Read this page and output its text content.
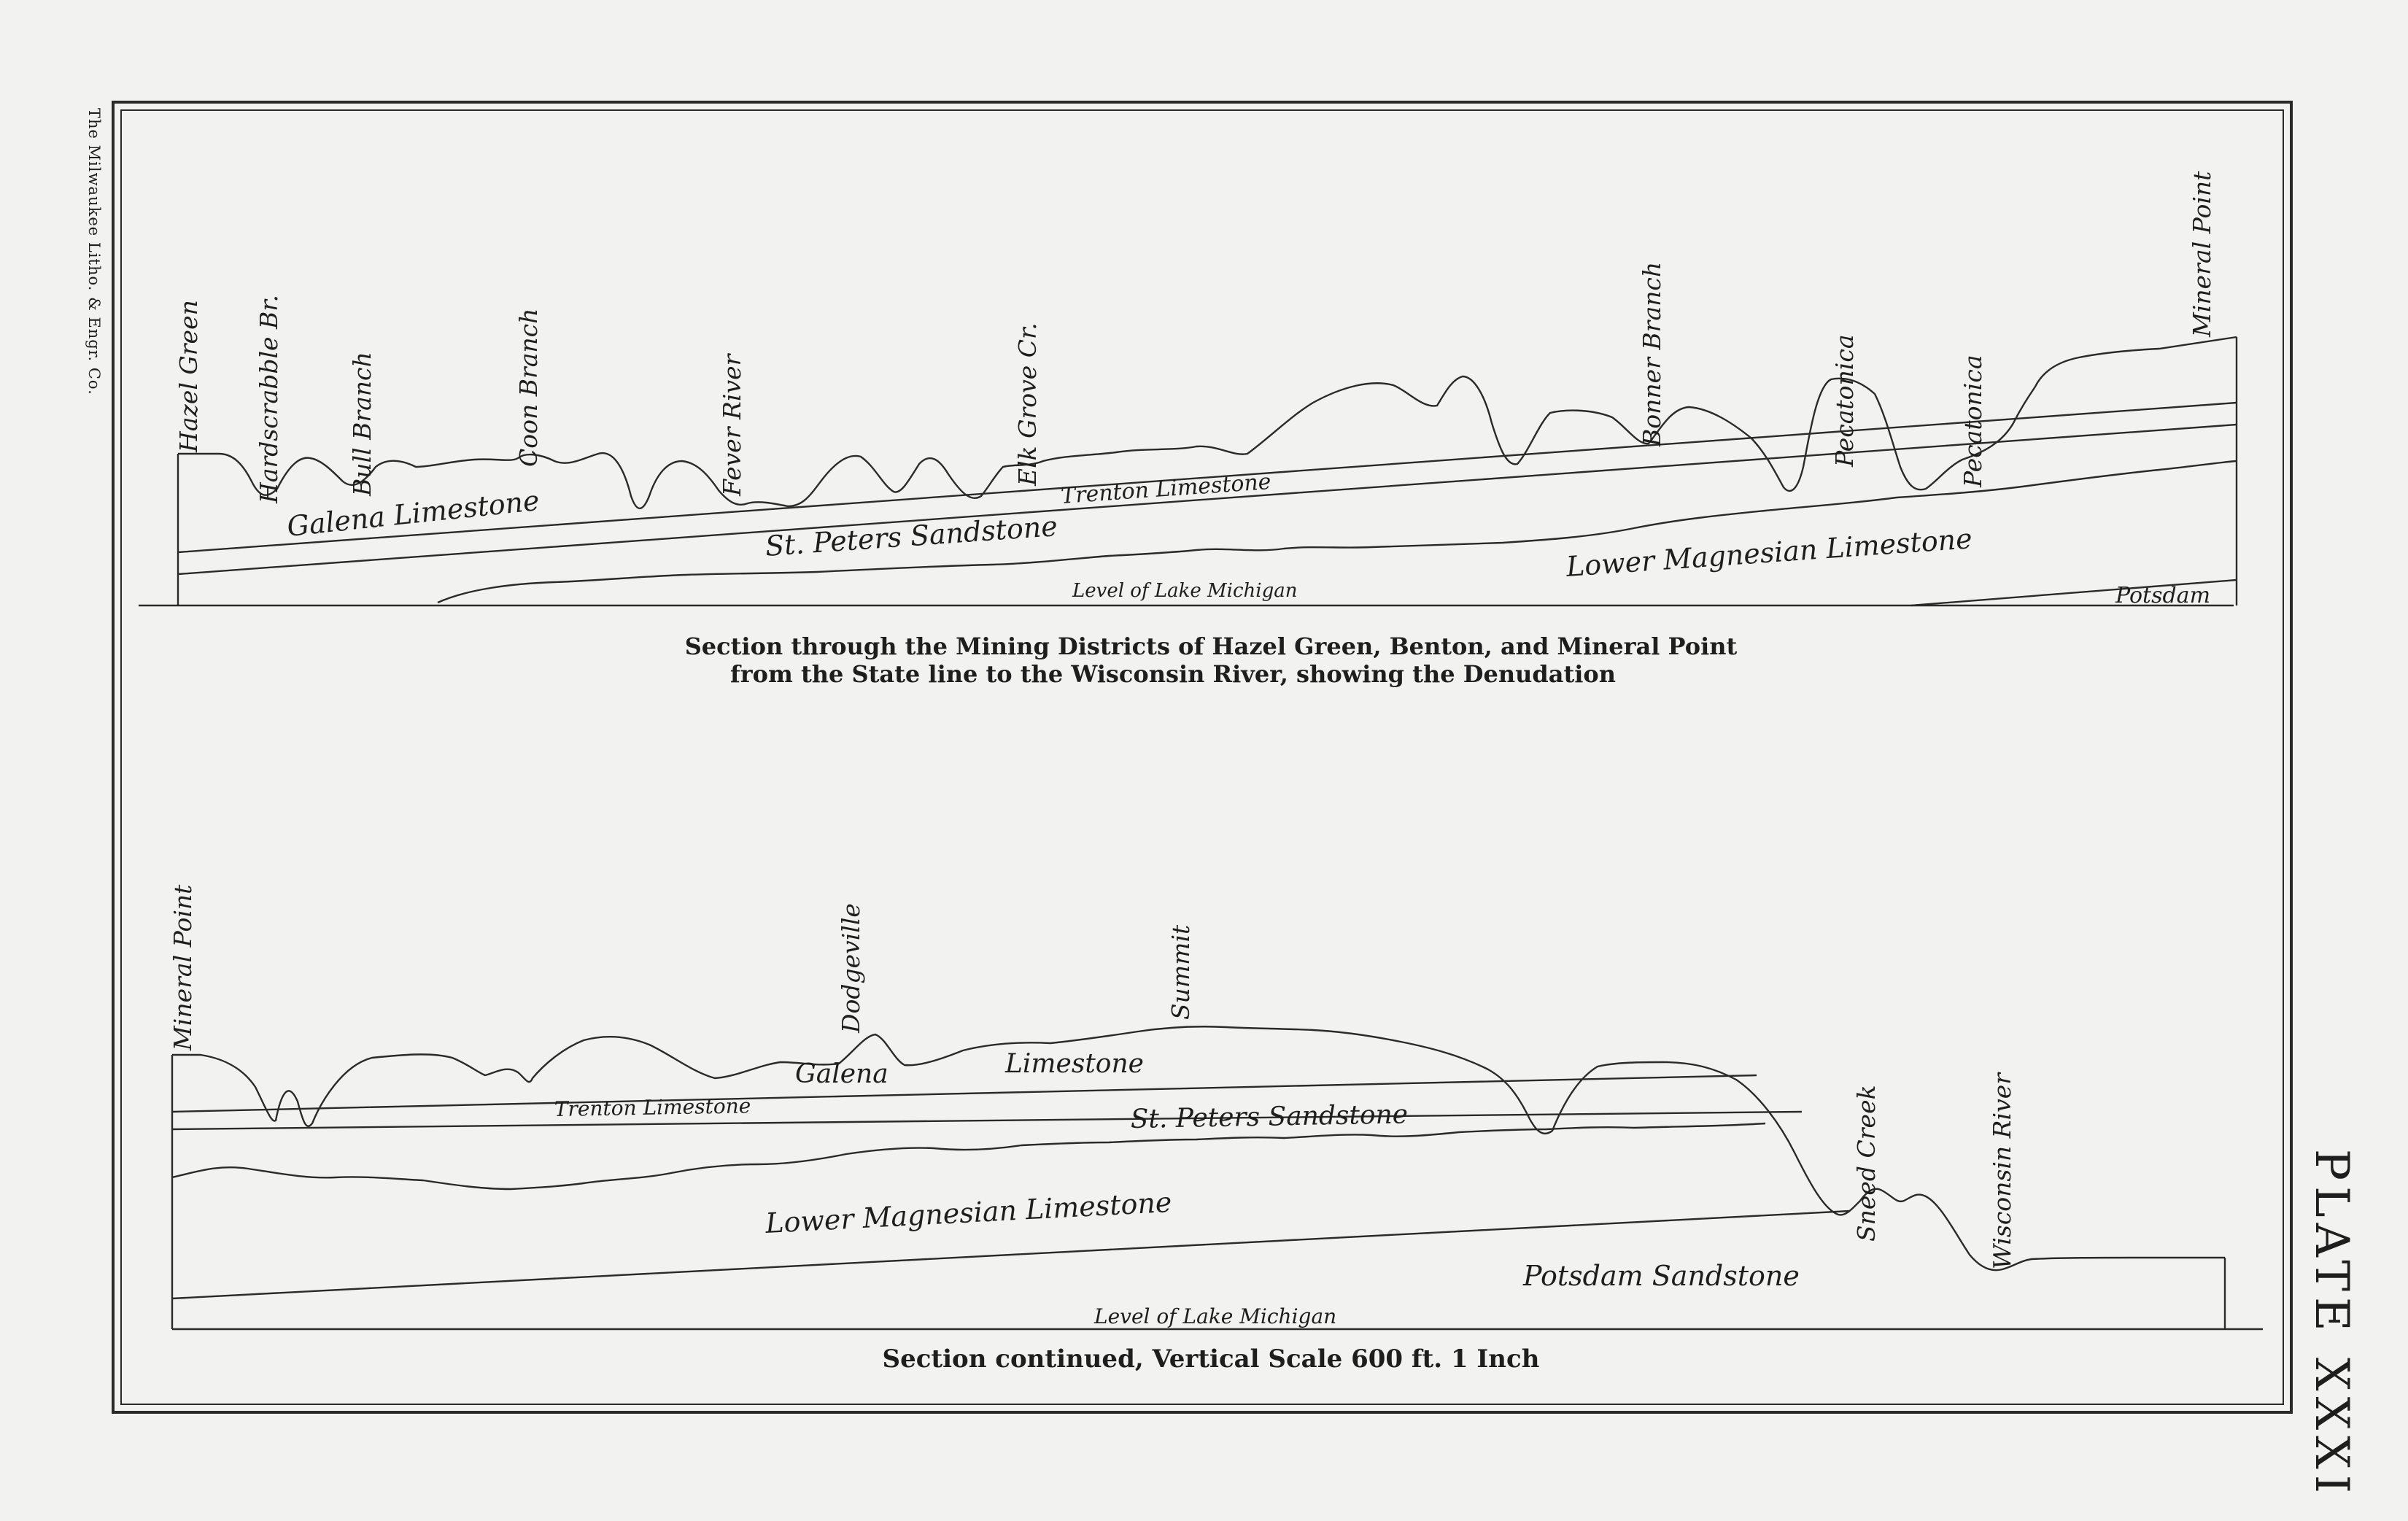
The Milwaukee Litho. & Engr. Co.
PLATE XXXI
Hazel Green Hardscrabble Br.	Bull Branch	Coon Branch	Fever River	Elk Grove Cr.	Bonner Branch	Pecatonica	Pecatonica
Mineral Point
Galena Limestone	Trenton Limestone
St. Peters Sandstone	Lower Magnesian Limestone
Potsdam
Level of Lake Michigan
Section through the Mining Districts of Hazel Green, Benton, and Mineral Point
from the State line to the Wisconsin River, showing the Denudation
Mineral Point	Dodgeville	Summit
Sneed Creek	Wisconsin River
Galena	Limestone
Trenton Limestone	St. Peters Sandstone
Lower Magnesian Limestone
Potsdam Sandstone
Level of Lake Michigan
Section continued, Vertical Scale 600 ft. 1 Inch
